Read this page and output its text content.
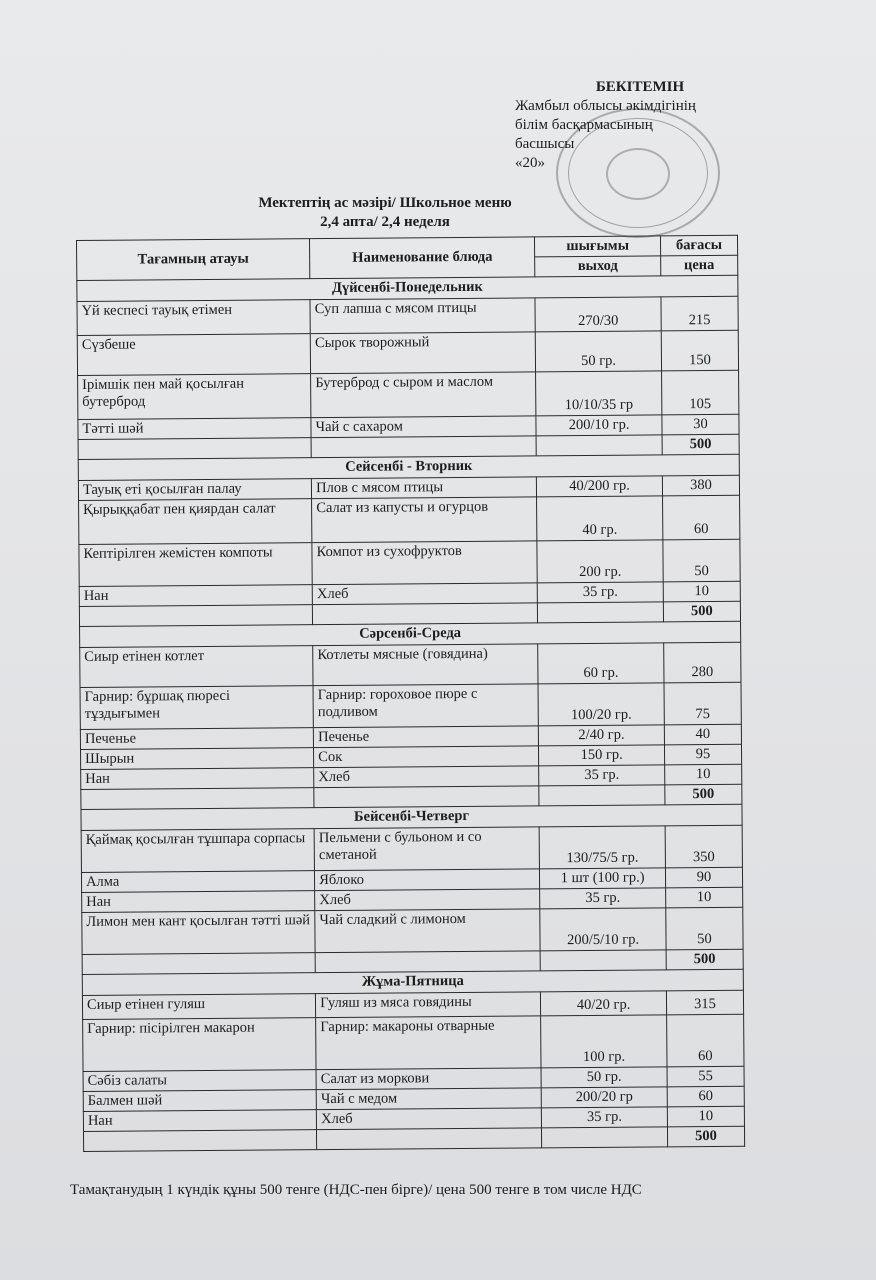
БЕКІТЕМІН
Жамбыл облысы әкімдігінің
білім басқармасының
басшысы
«20»
Мектептің ас мәзірі/ Школьное меню
2,4 апта/ 2,4 неделя
Тағамның атауы	Наименование блюда	шығымы	бағасы
		выход	цена
Дүйсенбі-Понедельник			
Үй кеспесі тауық етімен	Суп лапша с мясом птицы	270/30	215
Сүзбеше	Сырок творожный	50 гр.	150
Ірімшік пен май қосылған бутерброд	Бутерброд с сыром и маслом	10/10/35 гр	105
Тәтті шәй	Чай с сахаром	200/10 гр.	30
			500
Сейсенбі - Вторник			
Тауық еті қосылған палау	Плов с мясом птицы	40/200 гр.	380
Қырыққабат пен қиярдан салат	Салат из капусты и огурцов	40 гр.	60
Кептірілген жемістен компоты	Компот из сухофруктов	200 гр.	50
Нан	Хлеб	35 гр.	10
			500
Сәрсенбі-Среда			
Сиыр етінен котлет	Котлеты мясные (говядина)	60 гр.	280
Гарнир: бұршақ пюресі тұздығымен	Гарнир: гороховое пюре с подливом	100/20 гр.	75
Печенье	Печенье	2/40 гр.	40
Шырын	Сок	150 гр.	95
Нан	Хлеб	35 гр.	10
			500
Бейсенбі-Четверг			
Қаймақ қосылған тұшпара сорпасы	Пельмени с бульоном и со сметаной	130/75/5 гр.	350
Алма	Яблоко	1 шт (100 гр.)	90
Нан	Хлеб	35 гр.	10
Лимон мен кант қосылған тәтті шәй	Чай сладкий с лимоном	200/5/10 гр.	50
			500
Жұма-Пятница			
Сиыр етінен гуляш	Гуляш из мяса говядины	40/20 гр.	315
Гарнир: пісірілген макарон	Гарнир: макароны отварные	100 гр.	60
Сәбіз салаты	Салат из моркови	50 гр.	55
Балмен шәй	Чай с медом	200/20 гр	60
Нан	Хлеб	35 гр.	10
			500
Тамақтанудың 1 күндік құны 500 тенге (НДС-пен бірге)/ цена 500 тенге в том числе НДС
